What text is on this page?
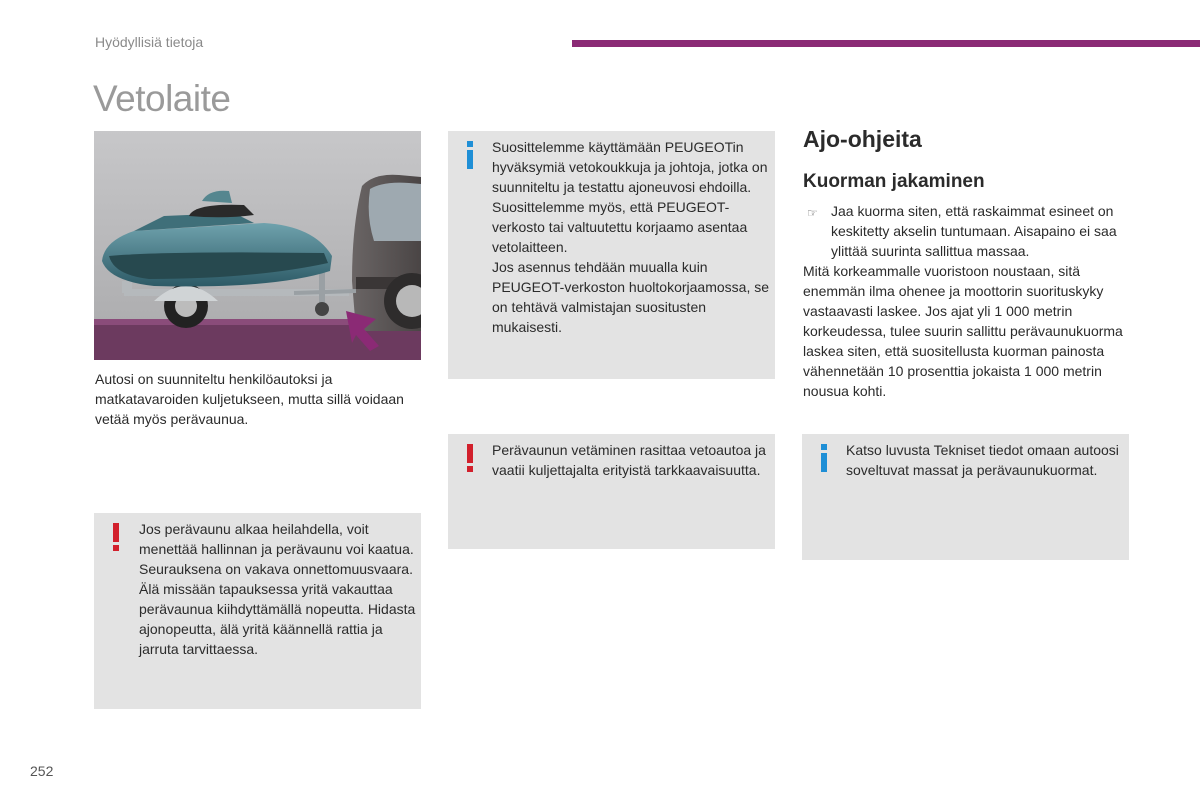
Hyödyllisiä tietoja
Vetolaite
Autosi on suunniteltu henkilöautoksi ja matkatavaroiden kuljetukseen, mutta sillä voidaan vetää myös perävaunua.
Jos perävaunu alkaa heilahdella, voit menettää hallinnan ja perävaunu voi kaatua. Seurauksena on vakava onnettomuusvaara.
Älä missään tapauksessa yritä vakauttaa perävaunua kiihdyttämällä nopeutta. Hidasta ajonopeutta, älä yritä käännellä rattia ja jarruta tarvittaessa.
Suosittelemme käyttämään PEUGEOTin hyväksymiä vetokoukkuja ja johtoja, jotka on suunniteltu ja testattu ajoneuvosi ehdoilla. Suosittelemme myös, että PEUGEOT-verkosto tai valtuutettu korjaamo asentaa vetolaitteen.
Jos asennus tehdään muualla kuin PEUGEOT-verkoston huoltokorjaamossa, se on tehtävä valmistajan suositusten mukaisesti.
Perävaunun vetäminen rasittaa vetoautoa ja vaatii kuljettajalta erityistä tarkkaavaisuutta.
Ajo-ohjeita
Kuorman jakaminen
☞ Jaa kuorma siten, että raskaimmat esineet on keskitetty akselin tuntumaan. Aisapaino ei saa ylittää suurinta sallittua massaa.
Mitä korkeammalle vuoristoon noustaan, sitä enemmän ilma ohenee ja moottorin suorituskyky vastaavasti laskee. Jos ajat yli 1 000 metrin korkeudessa, tulee suurin sallittu perävaunukuorma laskea siten, että suositellusta kuorman painosta vähennetään 10 prosenttia jokaista 1 000 metrin nousua kohti.
Katso luvusta Tekniset tiedot omaan autoosi soveltuvat massat ja perävaunukuormat.
252
